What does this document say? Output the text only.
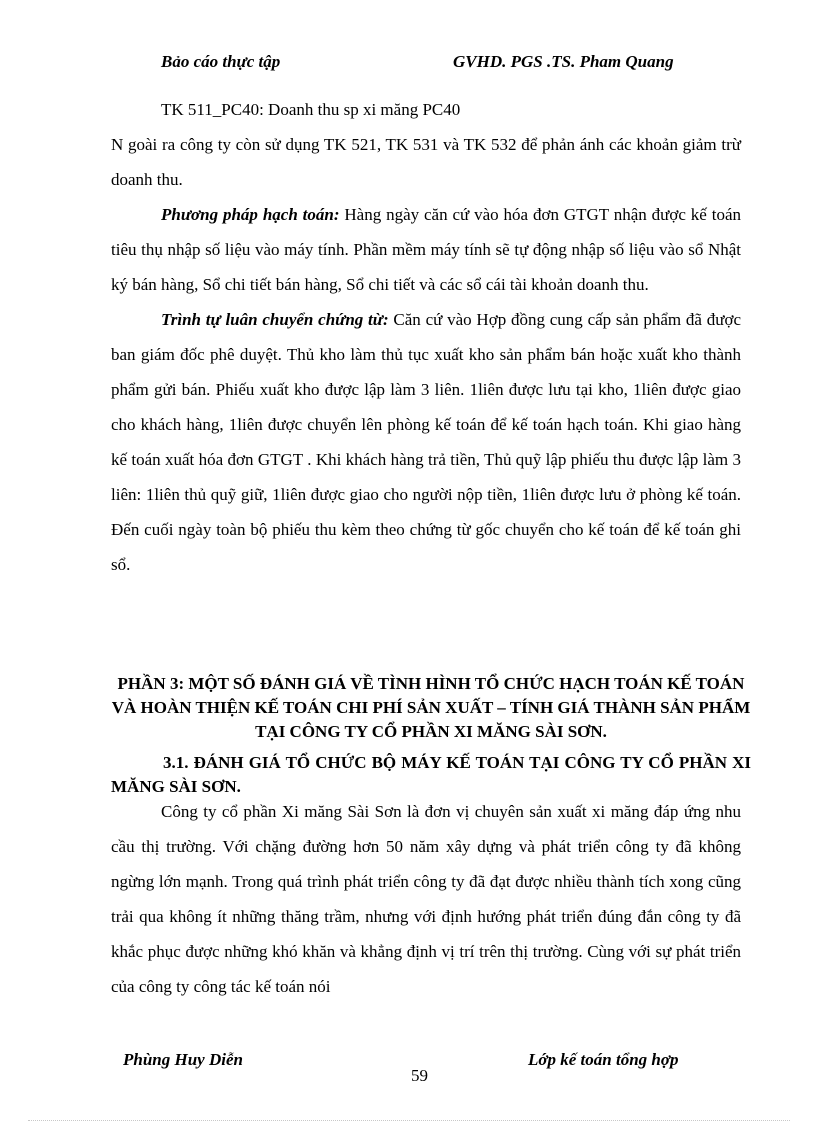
Bảo cáo thực tập	GVHD. PGS .TS. Pham Quang

TK 511_PC40: Doanh thu sp xi măng PC40

N goài ra công ty còn sử dụng TK 521, TK 531 và TK 532 để phản ánh các khoản giảm trừ doanh thu.

Phương pháp hạch toán: Hàng ngày căn cứ vào hóa đơn GTGT nhận được kế toán tiêu thụ nhập số liệu vào máy tính. Phần mềm máy tính sẽ tự động nhập số liệu vào sổ Nhật ký bán hàng, Sổ chi tiết bán hàng, Sổ chi tiết và các sổ cái tài khoản doanh thu.

Trình tự luân chuyển chứng từ: Căn cứ vào Hợp đồng cung cấp sản phẩm đã được ban giám đốc phê duyệt. Thủ kho làm thủ tục xuất kho sản phẩm bán hoặc xuất kho thành phẩm gửi bán. Phiếu xuất kho được lập làm 3 liên. 1liên được lưu tại kho, 1liên được giao cho khách hàng, 1liên được chuyển lên phòng kế toán để kế toán hạch toán. Khi giao hàng kế toán xuất hóa đơn GTGT . Khi khách hàng trả tiền, Thủ quỹ lập phiếu thu được lập làm 3 liên: 1liên thủ quỹ giữ, 1liên được giao cho người nộp tiền, 1liên được lưu ở phòng kế toán. Đến cuối ngày toàn bộ phiếu thu kèm theo chứng từ gốc chuyển cho kế toán để kế toán ghi sổ.

PHẦN 3: MỘT SỐ ĐÁNH GIÁ VỀ TÌNH HÌNH TỔ CHỨC HẠCH TOÁN KẾ TOÁN VÀ HOÀN THIỆN KẾ TOÁN CHI PHÍ SẢN XUẤT – TÍNH GIÁ THÀNH SẢN PHẨM TẠI CÔNG TY CỔ PHẦN XI MĂNG SÀI SƠN.
3.1. ĐÁNH GIÁ TỔ CHỨC BỘ MÁY KẾ TOÁN TẠI CÔNG TY CỔ PHẦN XI MĂNG SÀI SƠN.

Công ty cổ phần Xi măng Sài Sơn là đơn vị chuyên sản xuất xi măng đáp ứng nhu cầu thị trường. Với chặng đường hơn 50 năm xây dựng và phát triển công ty đã không ngừng lớn mạnh. Trong quá trình phát triển công ty đã đạt được nhiều thành tích xong cũng trải qua không ít những thăng trầm, nhưng với định hướng phát triển đúng đắn công ty đã khắc phục được những khó khăn và khẳng định vị trí trên thị trường. Cùng với sự phát triển của công ty công tác kế toán nói

Phùng Huy Diễn
59
Lớp kế toán tổng hợp
